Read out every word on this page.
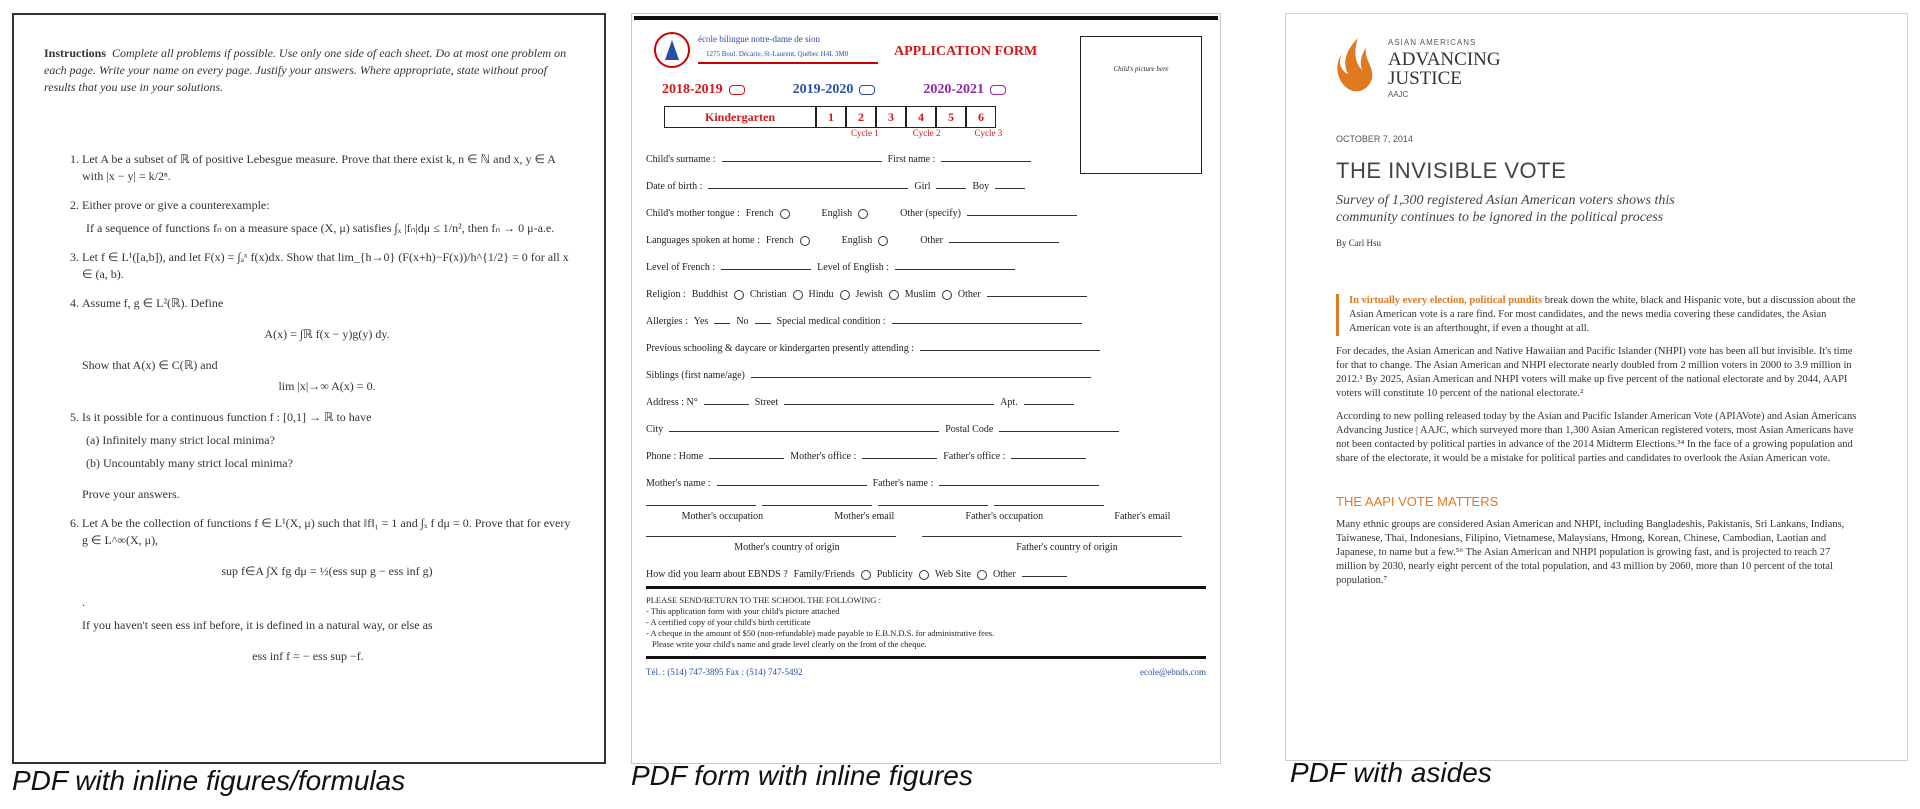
Instructions Complete all problems if possible. Use only one side of each sheet. Do at most one problem on each page. Write your name on every page. Justify your answers. Where appropriate, state without proof results that you use in your solutions.
1. Let A be a subset of ℝ of positive Lebesgue measure. Prove that there exist k, n ∈ ℕ and x, y ∈ A with |x − y| = k/2ⁿ.
2. Either prove or give a counterexample:
If a sequence of functions fₙ on a measure space (X, μ) satisfies ∫ₓ |fₙ|dμ ≤ 1/n², then fₙ → 0 μ-a.e.
3. Let f ∈ L¹([a,b]), and let F(x) = ∫ₐˣ f(x)dx. Show that lim_{h→0} (F(x+h)−F(x))/h^{1/2} = 0 for all x ∈ (a, b).
4. Assume f, g ∈ L²(ℝ). Define
A(x) = ∫ℝ f(x − y)g(y) dy.
Show that A(x) ∈ C(ℝ) and
lim |x|→∞ A(x) = 0.
5. Is it possible for a continuous function f : [0,1] → ℝ to have
(a) Infinitely many strict local minima?
(b) Uncountably many strict local minima?
Prove your answers.
6. Let A be the collection of functions f ∈ L¹(X, μ) such that ‖f‖₁ = 1 and ∫ₓ f dμ = 0. Prove that for every g ∈ L^∞(X, μ),
sup f∈A ∫X fg dμ = ½(ess sup g − ess inf g)
.
If you haven't seen ess inf before, it is defined in a natural way, or else as
ess inf f = − ess sup −f.
PDF with inline figures/formulas
école bilingue notre-dame de sion
1275 Boul. Décarie, St-Laurent, Québec H4L 3M8	APPLICATION FORM
Child's picture here
2018-2019	2019-2020	2020-2021
Kindergarten	1	2	3	4	5	6
Cycle 1	Cycle 2	Cycle 3
Child's surname :	First name :
Date of birth :	Girl	Boy
Child's mother tongue : French	English	Other (specify)
Languages spoken at home : French	English	Other
Level of French :	Level of English :
Religion : Buddhist Christian Hindu Jewish Muslim Other
Allergies : Yes	No	Special medical condition :
Previous schooling & daycare or kindergarten presently attending :
Siblings (first name/age)
Address : N°	Street	Apt.
City	Postal Code
Phone : Home	Mother's office :	Father's office :
Mother's name :	Father's name :
Mother's occupation	Mother's email	Father's occupation	Father's email
Mother's country of origin	Father's country of origin
How did you learn about EBNDS ? Family/Friends Publicity Web Site Other
PLEASE SEND/RETURN TO THE SCHOOL THE FOLLOWING :
- This application form with your child's picture attached
- A certified copy of your child's birth certificate
- A cheque in the amount of $50 (non-refundable) made payable to E.B.N.D.S. for administrative fees.
Please write your child's name and grade level clearly on the front of the cheque.
Tél. : (514) 747-3895 Fax : (514) 747-5492	ecole@ebnds.com
PDF form with inline figures
ASIAN AMERICANS
ADVANCING
JUSTICE
AAJC
OCTOBER 7, 2014
THE INVISIBLE VOTE
Survey of 1,300 registered Asian American voters shows this community continues to be ignored in the political process
By Carl Hsu
In virtually every election, political pundits break down the white, black and Hispanic vote, but a discussion about the Asian American vote is a rare find. For most candidates, and the news media covering these candidates, the Asian American vote is an afterthought, if even a thought at all.
For decades, the Asian American and Native Hawaiian and Pacific Islander (NHPI) vote has been all but invisible. It's time for that to change. The Asian American and NHPI electorate nearly doubled from 2 million voters in 2000 to 3.9 million in 2012.¹ By 2025, Asian American and NHPI voters will make up five percent of the national electorate and by 2044, AAPI voters will constitute 10 percent of the national electorate.²
According to new polling released today by the Asian and Pacific Islander American Vote (APIAVote) and Asian Americans Advancing Justice | AAJC, which surveyed more than 1,300 Asian American registered voters, most Asian Americans have not been contacted by political parties in advance of the 2014 Midterm Elections.³⁴ In the face of a growing population and share of the electorate, it would be a mistake for political parties and candidates to overlook the Asian American vote.
THE AAPI VOTE MATTERS
Many ethnic groups are considered Asian American and NHPI, including Bangladeshis, Pakistanis, Sri Lankans, Indians, Taiwanese, Thai, Indonesians, Filipino, Vietnamese, Malaysians, Hmong, Korean, Chinese, Cambodian, Laotian and Japanese, to name but a few.⁵⁶ The Asian American and NHPI population is growing fast, and is projected to reach 27 million by 2030, nearly eight percent of the total population, and 43 million by 2060, more than 10 percent of the total population.⁷
PDF with asides
